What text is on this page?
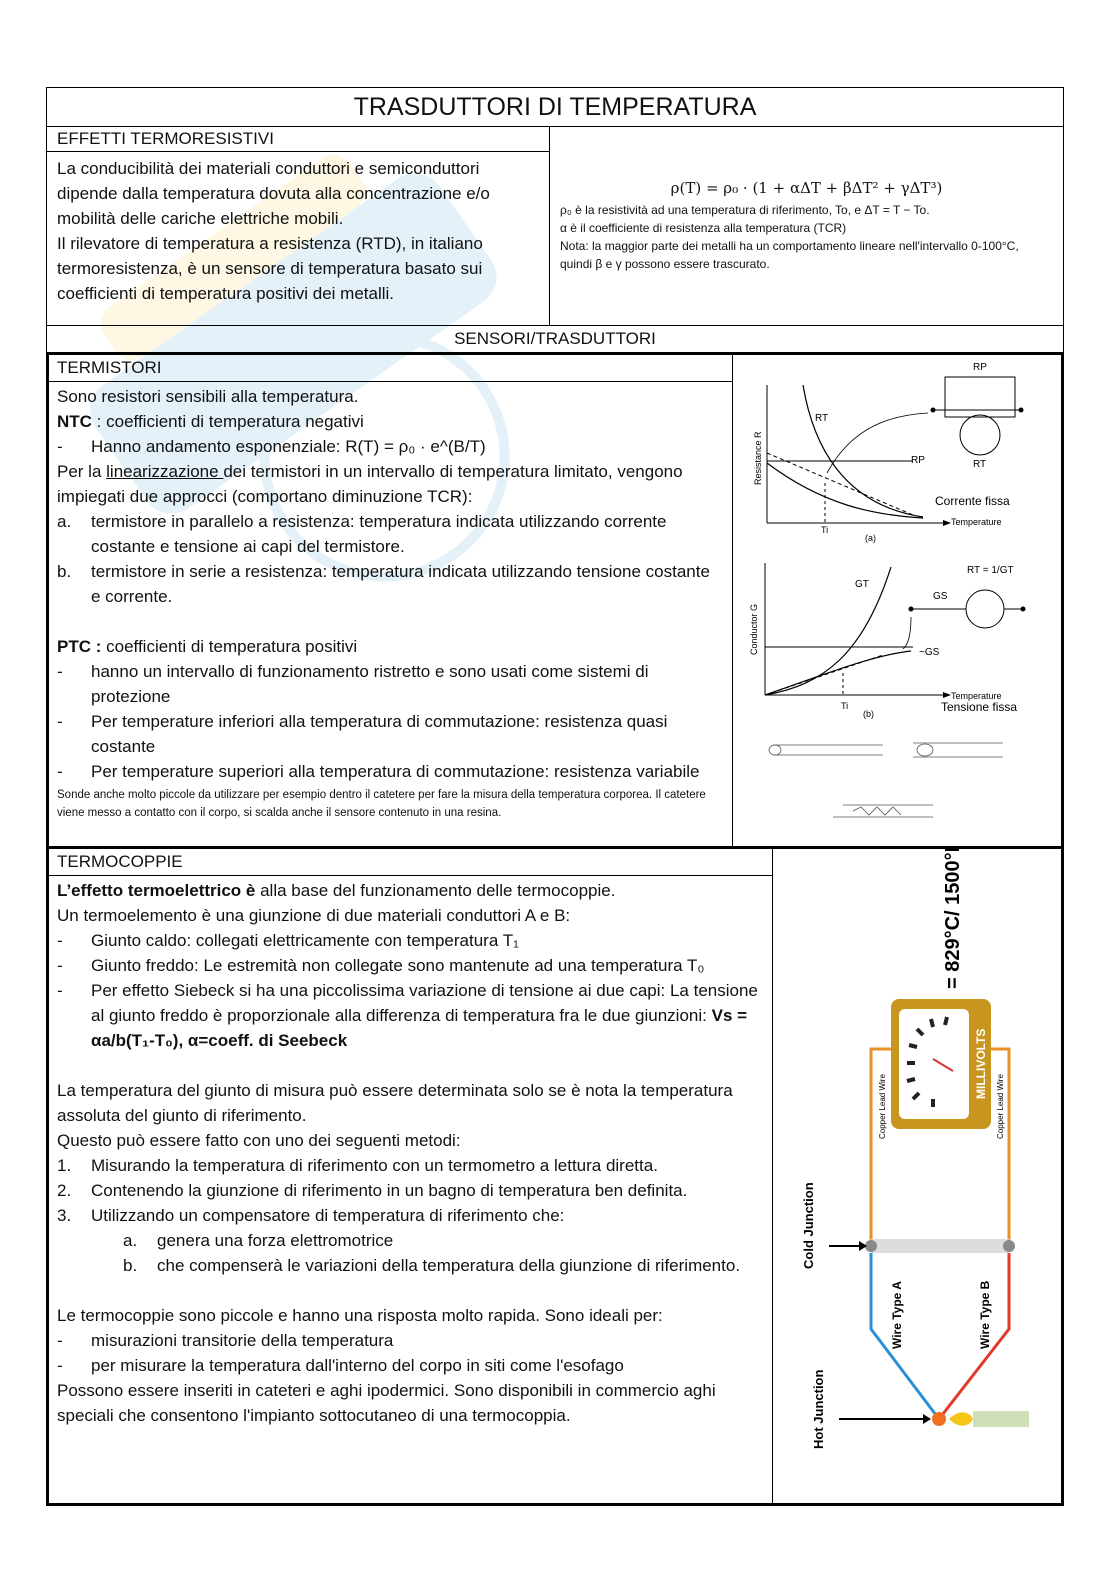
TRASDUTTORI DI TEMPERATURA
EFFETTI TERMORESISTIVI
La conducibilità dei materiali conduttori e semiconduttori dipende dalla temperatura dovuta alla concentrazione e/o mobilità delle cariche elettriche mobili.
Il rilevatore di temperatura a resistenza (RTD), in italiano termoresistenza, è un sensore di temperatura basato sui coefficienti di temperatura positivi dei metalli.
ρ(T) = ρ₀ · (1 + αΔT + βΔT² + γΔT³)
ρ₀ è la resistività ad una temperatura di riferimento, To, e ΔT = T − To.
α è il coefficiente di resistenza alla temperatura (TCR)
Nota: la maggior parte dei metalli ha un comportamento lineare nell'intervallo 0-100°C, quindi β e γ possono essere trascurato.
SENSORI/TRASDUTTORI
TERMISTORI
Sono resistori sensibili alla temperatura.
NTC : coefficienti di temperatura negativi
-	Hanno andamento esponenziale: R(T) = ρ₀ · e^(B/T)
Per la linearizzazione dei termistori in un intervallo di temperatura limitato, vengono impiegati due approcci (comportano diminuzione TCR):
a.	termistore in parallelo a resistenza: temperatura indicata utilizzando corrente costante e tensione ai capi del termistore.
b.	termistore in serie a resistenza: temperatura indicata utilizzando tensione costante e corrente.
PTC : coefficienti di temperatura positivi
-	hanno un intervallo di funzionamento ristretto e sono usati come sistemi di protezione
-	Per temperature inferiori alla temperatura di commutazione: resistenza quasi costante
-	Per temperature superiori alla temperatura di commutazione: resistenza variabile
Sonde anche molto piccole da utilizzare per esempio dentro il catetere per fare la misura della temperatura corporea. Il catetere viene messo a contatto con il corpo, si scalda anche il sensore contenuto in una resina.
Resistance R
Temperature
RT
RP
Ti
(a)
RP
RT
Corrente fissa
Conductor G
Temperature
GT
−GS
Ti
(b)	Tensione fissa
GS
RT = 1/GT
TERMOCOPPIE
L’effetto termoelettrico è alla base del funzionamento delle termocoppie.
Un termoelemento è una giunzione di due materiali conduttori A e B:
-	Giunto caldo: collegati elettricamente con temperatura T₁
-	Giunto freddo: Le estremità non collegate sono mantenute ad una temperatura T₀
-	Per effetto Siebeck si ha una piccolissima variazione di tensione ai due capi: La tensione al giunto freddo è proporzionale alla differenza di temperatura fra le due giunzioni: Vs = αa/b(T₁-T₀), α=coeff. di Seebeck
La temperatura del giunto di misura può essere determinata solo se è nota la temperatura assoluta del giunto di riferimento.
Questo può essere fatto con uno dei seguenti metodi:
1.	Misurando la temperatura di riferimento con un termometro a lettura diretta.
2.	Contenendo la giunzione di riferimento in un bagno di temperatura ben definita.
3.	Utilizzando un compensatore di temperatura di riferimento che:
a.	genera una forza elettromotrice
b.	che compenserà le variazioni della temperatura della giunzione di riferimento.
Le termocoppie sono piccole e hanno una risposta molto rapida. Sono ideali per:
-	misurazioni transitorie della temperatura
-	per misurare la temperatura dall'interno del corpo in siti come l'esofago
Possono essere inseriti in cateteri e aghi ipodermici. Sono disponibili in commercio aghi speciali che consentono l'impianto sottocutaneo di una termocoppia.
= 829°C/ 1500°F
MILLIVOLTS
Copper Lead Wire	Copper Lead Wire
Cold Junction
Wire Type A	Wire Type B
Hot Junction
